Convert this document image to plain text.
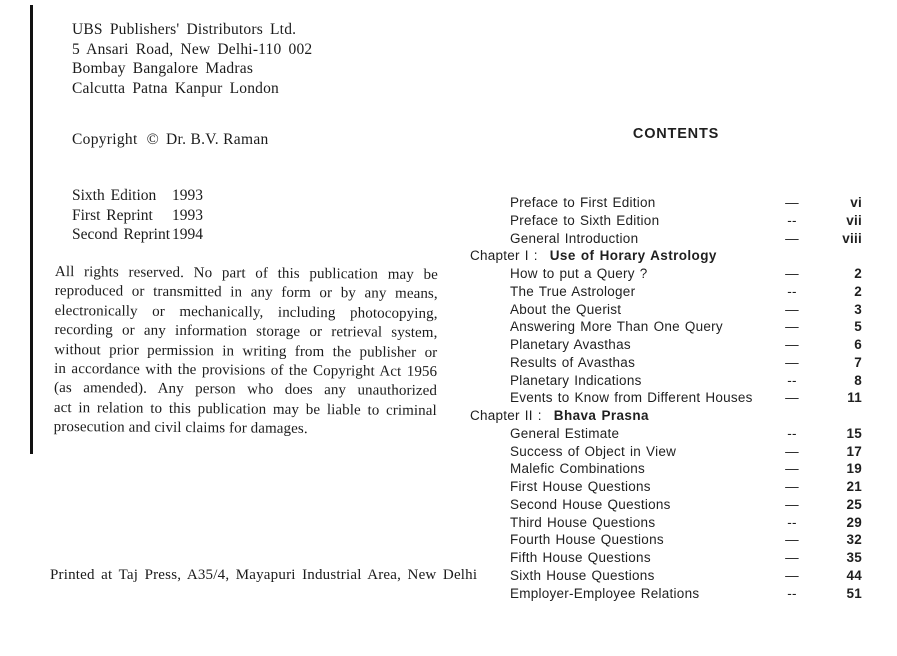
UBS Publishers' Distributors Ltd.
5 Ansari Road, New Delhi-110 002
Bombay Bangalore Madras
Calcutta Patna Kanpur London
Copyright © Dr. B.V. Raman
Sixth Edition	1993
First Reprint	1993
Second Reprint 1994
All rights reserved. No part of this publication may be
reproduced or transmitted in any form or by any means,
electronically or mechanically, including photocopying,
recording or any information storage or retrieval system,
without prior permission in writing from the publisher or
in accordance with the provisions of the Copyright Act 1956
(as amended). Any person who does any unauthorized
act in relation to this publication may be liable to criminal
prosecution and civil claims for damages.
Printed at Taj Press, A35/4, Mayapuri Industrial Area, New Delhi
CONTENTS
Preface to First Edition	—	vi
Preface to Sixth Edition	--	vii
General Introduction	—	viii
Chapter I : Use of Horary Astrology
How to put a Query ?	—	2
The True Astrologer	--	2
About the Querist	—	3
Answering More Than One Query	—	5
Planetary Avasthas	—	6
Results of Avasthas	—	7
Planetary Indications	--	8
Events to Know from Different Houses	—	11
Chapter II : Bhava Prasna
General Estimate	--	15
Success of Object in View	—	17
Malefic Combinations	—	19
First House Questions	—	21
Second House Questions	—	25
Third House Questions	--	29
Fourth House Questions	—	32
Fifth House Questions	—	35
Sixth House Questions	—	44
Employer-Employee Relations	--	51
